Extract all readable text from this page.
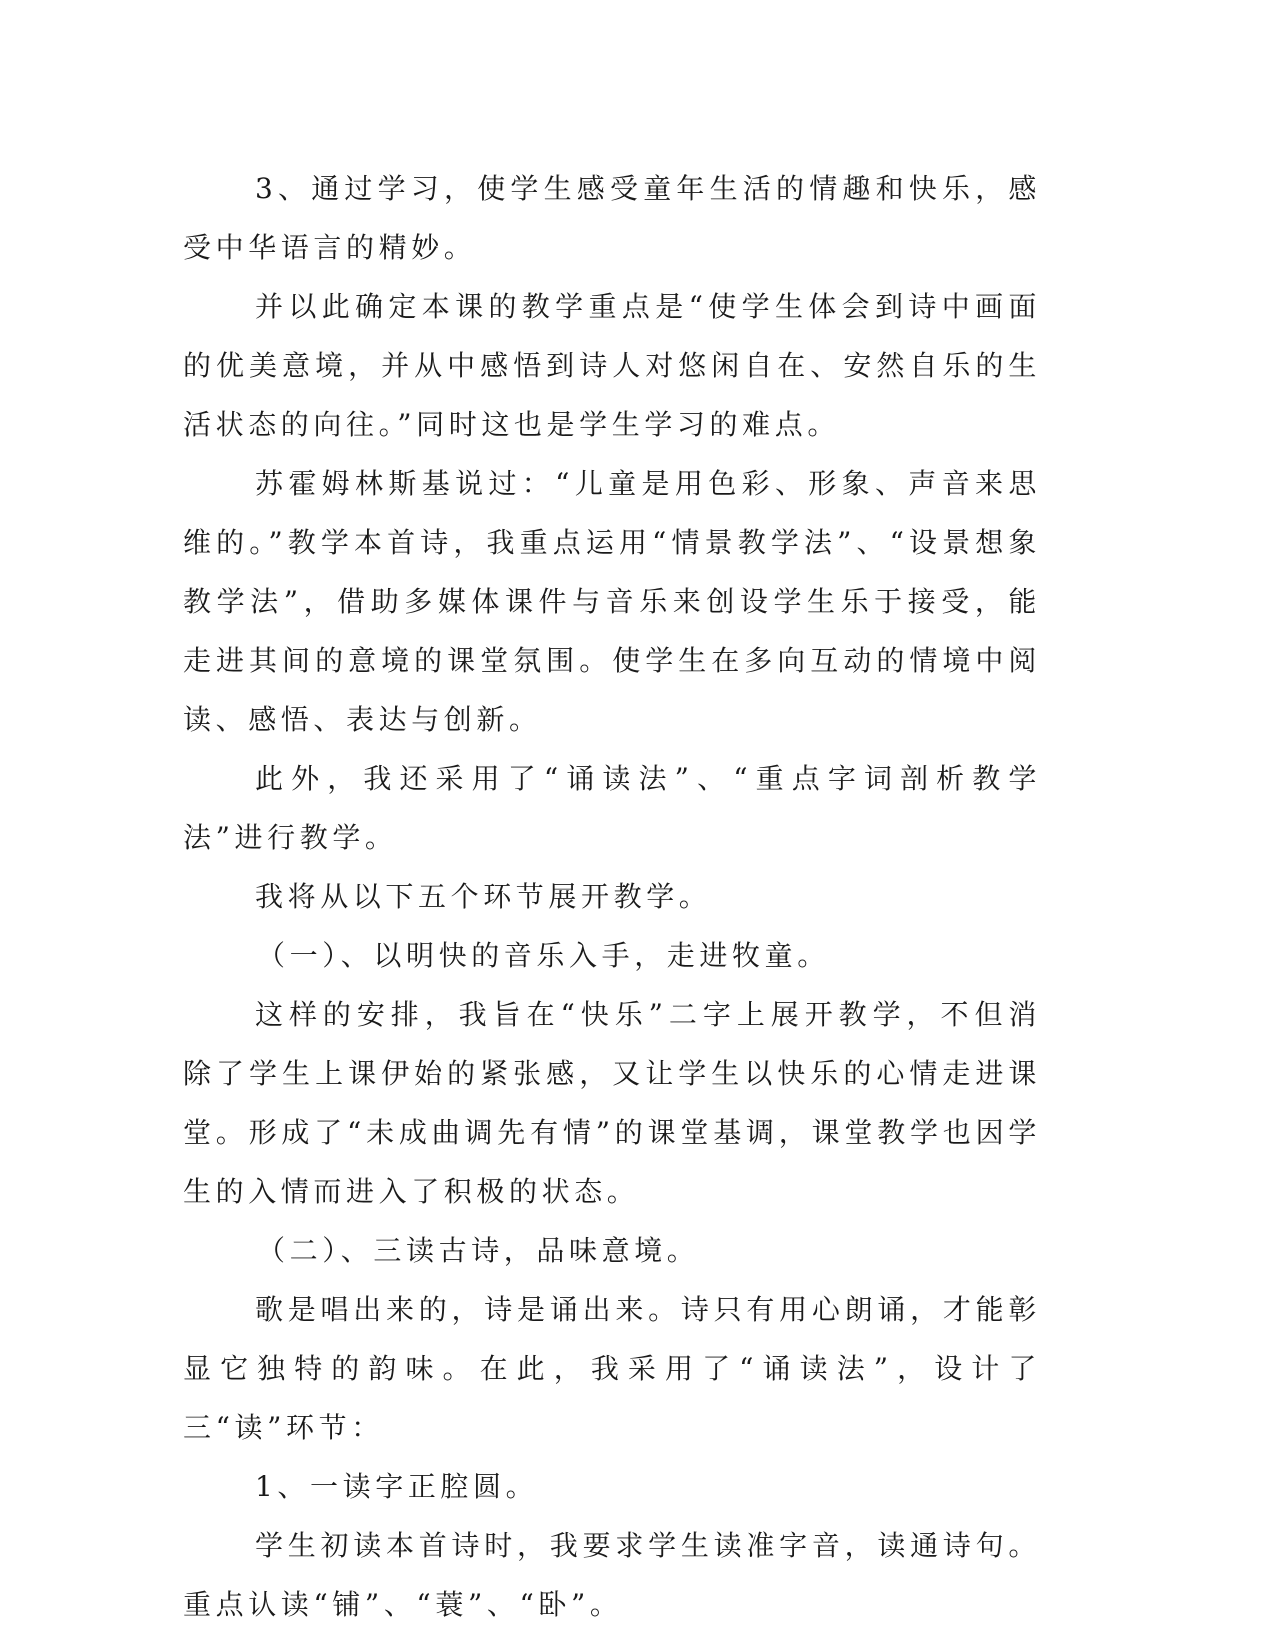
3、通过学习，使学生感受童年生活的情趣和快乐，感受中华语言的精妙。

并以此确定本课的教学重点是“使学生体会到诗中画面的优美意境，并从中感悟到诗人对悠闲自在、安然自乐的生活状态的向往。”同时这也是学生学习的难点。

苏霍姆林斯基说过：“儿童是用色彩、形象、声音来思维的。”教学本首诗，我重点运用“情景教学法”、“设景想象教学法”，借助多媒体课件与音乐来创设学生乐于接受，能走进其间的意境的课堂氛围。使学生在多向互动的情境中阅读、感悟、表达与创新。

此外，我还采用了“诵读法”、“重点字词剖析教学法”进行教学。

我将从以下五个环节展开教学。

（一）、以明快的音乐入手，走进牧童。

这样的安排，我旨在“快乐”二字上展开教学，不但消除了学生上课伊始的紧张感，又让学生以快乐的心情走进课堂。形成了“未成曲调先有情”的课堂基调，课堂教学也因学生的入情而进入了积极的状态。

（二）、三读古诗，品味意境。

歌是唱出来的，诗是诵出来。诗只有用心朗诵，才能彰显它独特的韵味。在此，我采用了“诵读法”，设计了三“读”环节：

1、一读字正腔圆。

学生初读本首诗时，我要求学生读准字音，读通诗句。重点认读“铺”、“蓑”、“卧”。
